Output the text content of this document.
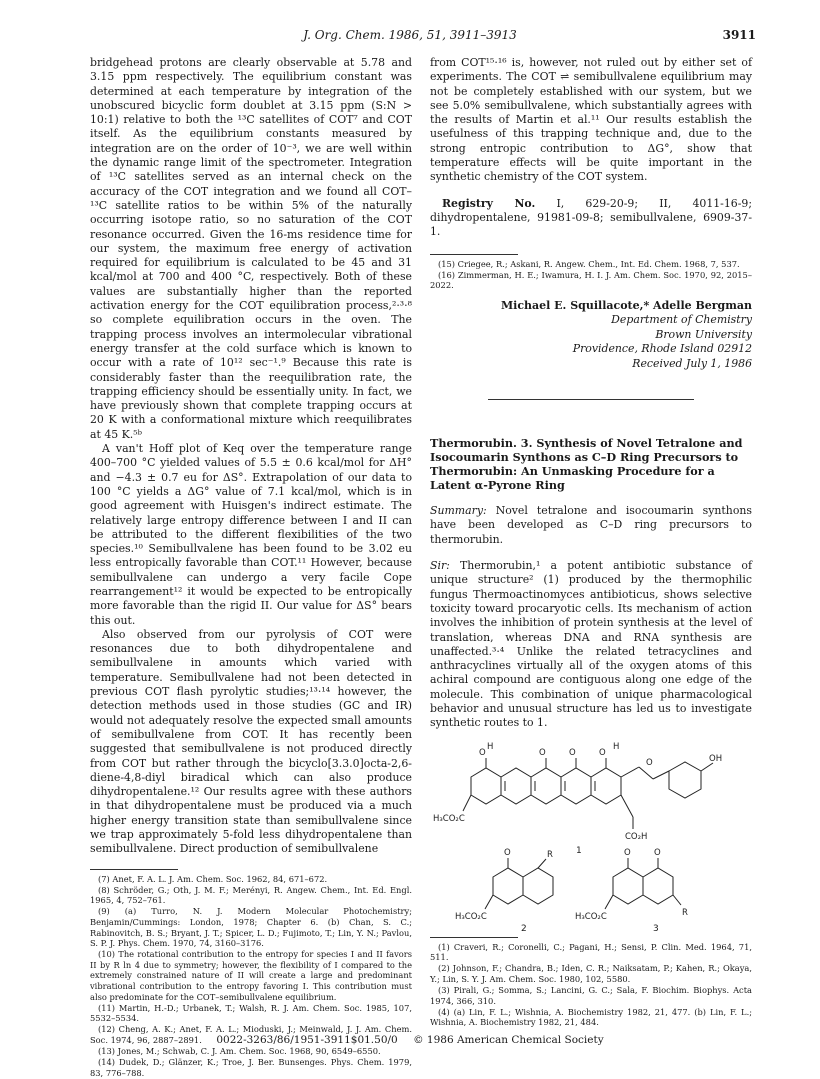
J. Org. Chem. 1986, 51, 3911–3913	3911

bridgehead protons are clearly observable at 5.78 and 3.15 ppm respectively. The equilibrium constant was determined at each temperature by integration of the unobscured bicyclic form doublet at 3.15 ppm (S:N > 10:1) relative to both the ¹³C satellites of COT⁷ and COT itself. As the equilibrium constants measured by integration are on the order of 10⁻³, we are well within the dynamic range limit of the spectrometer. Integration of ¹³C satellites served as an internal check on the accuracy of the COT integration and we found all COT–¹³C satellite ratios to be within 5% of the naturally occurring isotope ratio, so no saturation of the COT resonance occurred. Given the 16-ms residence time for our system, the maximum free energy of activation required for equilibrium is calculated to be 45 and 31 kcal/mol at 700 and 400 °C, respectively. Both of these values are substantially higher than the reported activation energy for the COT equilibration process,²·³·⁸ so complete equilibration occurs in the oven. The trapping process involves an intermolecular vibrational energy transfer at the cold surface which is known to occur with a rate of 10¹² sec⁻¹.⁹ Because this rate is considerably faster than the reequilibration rate, the trapping efficiency should be essentially unity. In fact, we have previously shown that complete trapping occurs at 20 K with a conformational mixture which reequilibrates at 45 K.⁵ᵇ

A van't Hoff plot of Keq over the temperature range 400–700 °C yielded values of 5.5 ± 0.6 kcal/mol for ΔH° and −4.3 ± 0.7 eu for ΔS°. Extrapolation of our data to 100 °C yields a ΔG° value of 7.1 kcal/mol, which is in good agreement with Huisgen's indirect estimate. The relatively large entropy difference between I and II can be attributed to the different flexibilities of the two species.¹⁰ Semibullvalene has been found to be 3.02 eu less entropically favorable than COT.¹¹ However, because semibullvalene can undergo a very facile Cope rearrangement¹² it would be expected to be entropically more favorable than the rigid II. Our value for ΔS° bears this out.

Also observed from our pyrolysis of COT were resonances due to both dihydropentalene and semibullvalene in amounts which varied with temperature. Semibullvalene had not been detected in previous COT flash pyrolytic studies;¹³·¹⁴ however, the detection methods used in those studies (GC and IR) would not adequately resolve the expected small amounts of semibullvalene from COT. It has recently been suggested that semibullvalene is not produced directly from COT but rather through the bicyclo[3.3.0]octa-2,6-diene-4,8-diyl biradical which can also produce dihydropentalene.¹² Our results agree with these authors in that dihydropentalene must be produced via a much higher energy transition state than semibullvalene since we trap approximately 5-fold less dihydropentalene than semibullvalene. Direct production of semibullvalene

(7) Anet, F. A. L. J. Am. Chem. Soc. 1962, 84, 671–672.

(8) Schröder, G.; Oth, J. M. F.; Merényi, R. Angew. Chem., Int. Ed. Engl. 1965, 4, 752–761.

(9) (a) Turro, N. J. Modern Molecular Photochemistry; Benjamin/Cummings: London, 1978; Chapter 6. (b) Chan, S. C.; Rabinovitch, B. S.; Bryant, J. T.; Spicer, L. D.; Fujimoto, T.; Lin, Y. N.; Pavlou, S. P. J. Phys. Chem. 1970, 74, 3160–3176.

(10) The rotational contribution to the entropy for species I and II favors II by R ln 4 due to symmetry; however, the flexibility of I compared to the extremely constrained nature of II will create a large and predominant vibrational contribution to the entropy favoring I. This contribution must also predominate for the COT–semibullvalene equilibrium.

(11) Martin, H.-D.; Urbanek, T.; Walsh, R. J. Am. Chem. Soc. 1985, 107, 5532–5534.

(12) Cheng, A. K.; Anet, F. A. L.; Mioduski, J.; Meinwald, J. J. Am. Chem. Soc. 1974, 96, 2887–2891.

(13) Jones, M.; Schwab, C. J. Am. Chem. Soc. 1968, 90, 6549–6550.

(14) Dudek, D.; Glänzer, K.; Troe, J. Ber. Bunsenges. Phys. Chem. 1979, 83, 776–788.

from COT¹⁵·¹⁶ is, however, not ruled out by either set of experiments. The COT ⇌ semibullvalene equilibrium may not be completely established with our system, but we see 5.0% semibullvalene, which substantially agrees with the results of Martin et al.¹¹ Our results establish the usefulness of this trapping technique and, due to the strong entropic contribution to ΔG°, show that temperature effects will be quite important in the synthetic chemistry of the COT system.

Registry No. I, 629-20-9; II, 4011-16-9; dihydropentalene, 91981-09-8; semibullvalene, 6909-37-1.

(15) Criegee, R.; Askani, R. Angew. Chem., Int. Ed. Chem. 1968, 7, 537.

(16) Zimmerman, H. E.; Iwamura, H. I. J. Am. Chem. Soc. 1970, 92, 2015–2022.

Michael E. Squillacote,* Adelle Bergman

Department of Chemistry
Brown University
Providence, Rhode Island 02912
Received July 1, 1986

Thermorubin. 3. Synthesis of Novel Tetralone and Isocoumarin Synthons as C–D Ring Precursors to Thermorubin: An Unmasking Procedure for a Latent α-Pyrone Ring

Summary: Novel tetralone and isocoumarin synthons have been developed as C–D ring precursors to thermorubin.

Sir: Thermorubin,¹ a potent antibiotic substance of unique structure² (1) produced by the thermophilic fungus Thermoactinomyces antibioticus, shows selective toxicity toward procaryotic cells. Its mechanism of action involves the inhibition of protein synthesis at the level of translation, whereas DNA and RNA synthesis are unaffected.³·⁴ Unlike the related tetracyclines and anthracyclines virtually all of the oxygen atoms of this achiral compound are contiguous along one edge of the molecule. This combination of unique pharmacological behavior and unusual structure has led us to investigate synthetic routes to 1.

O
H
O	O	O
H
O	OH
H₃CO₂C
CO₂H
1
O	R
H₃CO₂C
2
O	O
H₃CO₂C	R
3

(1) Craveri, R.; Coronelli, C.; Pagani, H.; Sensi, P. Clin. Med. 1964, 71, 511.

(2) Johnson, F.; Chandra, B.; Iden, C. R.; Naiksatam, P.; Kahen, R.; Okaya, Y.; Lin, S. Y. J. Am. Chem. Soc. 1980, 102, 5580.

(3) Pirali, G.; Somma, S.; Lancini, G. C.; Sala, F. Biochim. Biophys. Acta 1974, 366, 310.

(4) (a) Lin, F. L.; Wishnia, A. Biochemistry 1982, 21, 477. (b) Lin, F. L.; Wishnia, A. Biochemistry 1982, 21, 484.

0022-3263/86/1951-3911$01.50/0 © 1986 American Chemical Society
